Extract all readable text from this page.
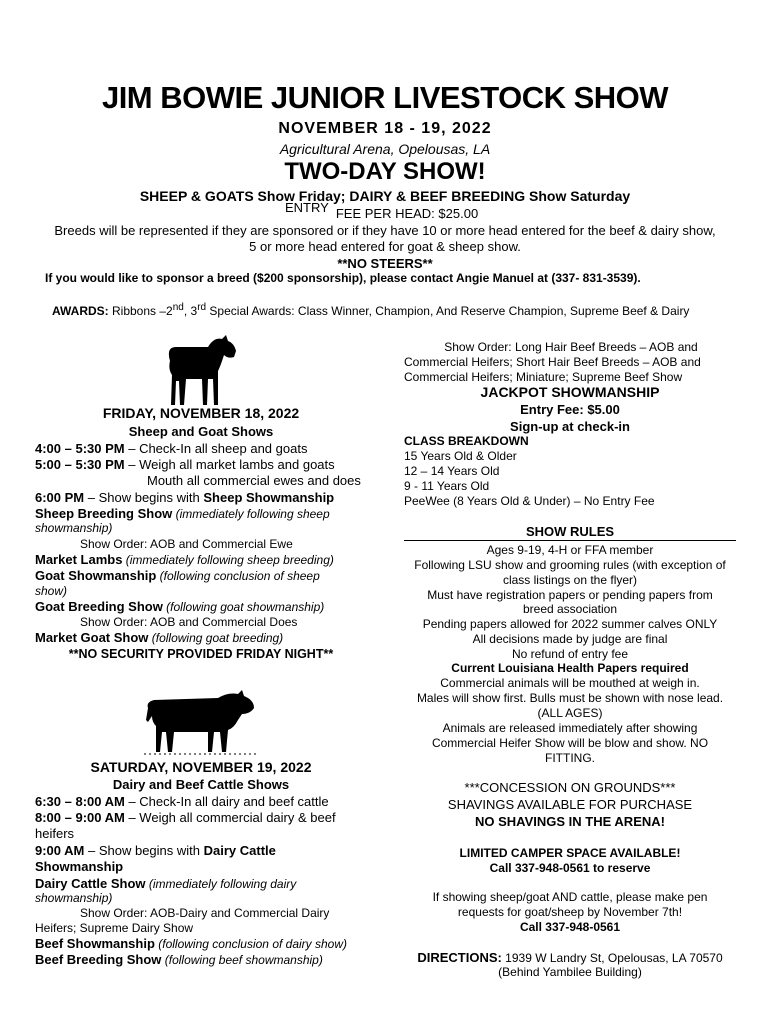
JIM BOWIE JUNIOR LIVESTOCK SHOW
NOVEMBER 18 - 19, 2022
Agricultural Arena, Opelousas, LA
TWO-DAY SHOW!
SHEEP & GOATS Show Friday; DAIRY & BEEF BREEDING Show Saturday
ENTRY FEE PER HEAD: $25.00
Breeds will be represented if they are sponsored or if they have 10 or more head entered for the beef & dairy show, 5 or more head entered for goat & sheep show.
**NO STEERS**
If you would like to sponsor a breed ($200 sponsorship), please contact Angie Manuel at (337- 831-3539).
AWARDS: Ribbons –2nd, 3rd Special Awards: Class Winner, Champion, And Reserve Champion, Supreme Beef & Dairy
FRIDAY, NOVEMBER 18, 2022
Sheep and Goat Shows
4:00 – 5:30 PM – Check-In all sheep and goats
5:00 – 5:30 PM – Weigh all market lambs and goats
Mouth all commercial ewes and does
6:00 PM – Show begins with Sheep Showmanship
Sheep Breeding Show (immediately following sheep
showmanship)
Show Order: AOB and Commercial Ewe
Market Lambs (immediately following sheep breeding)
Goat Showmanship (following conclusion of sheep
show)
Goat Breeding Show (following goat showmanship)
Show Order: AOB and Commercial Does
Market Goat Show (following goat breeding)
**NO SECURITY PROVIDED FRIDAY NIGHT**
SATURDAY, NOVEMBER 19, 2022
Dairy and Beef Cattle Shows
6:30 – 8:00 AM – Check-In all dairy and beef cattle
8:00 – 9:00 AM – Weigh all commercial dairy & beef
heifers
9:00 AM – Show begins with Dairy Cattle
Showmanship
Dairy Cattle Show (immediately following dairy
showmanship)
Show Order: AOB-Dairy and Commercial Dairy
Heifers; Supreme Dairy Show
Beef Showmanship (following conclusion of dairy show)
Beef Breeding Show (following beef showmanship)
Show Order: Long Hair Beef Breeds – AOB and
Commercial Heifers; Short Hair Beef Breeds – AOB and
Commercial Heifers; Miniature; Supreme Beef Show
JACKPOT SHOWMANSHIP
Entry Fee: $5.00
Sign-up at check-in
CLASS BREAKDOWN
15 Years Old & Older
12 – 14 Years Old
9 - 11 Years Old
PeeWee (8 Years Old & Under) – No Entry Fee
SHOW RULES
Ages 9-19, 4-H or FFA member
Following LSU show and grooming rules (with exception of
class listings on the flyer)
Must have registration papers or pending papers from
breed association
Pending papers allowed for 2022 summer calves ONLY
All decisions made by judge are final
No refund of entry fee
Current Louisiana Health Papers required
Commercial animals will be mouthed at weigh in.
Males will show first. Bulls must be shown with nose lead.
(ALL AGES)
Animals are released immediately after showing
Commercial Heifer Show will be blow and show. NO
FITTING.
***CONCESSION ON GROUNDS***
SHAVINGS AVAILABLE FOR PURCHASE
NO SHAVINGS IN THE ARENA!
LIMITED CAMPER SPACE AVAILABLE!
Call 337-948-0561 to reserve
If showing sheep/goat AND cattle, please make pen
requests for goat/sheep by November 7th!
Call 337-948-0561
DIRECTIONS: 1939 W Landry St, Opelousas, LA 70570
(Behind Yambilee Building)
